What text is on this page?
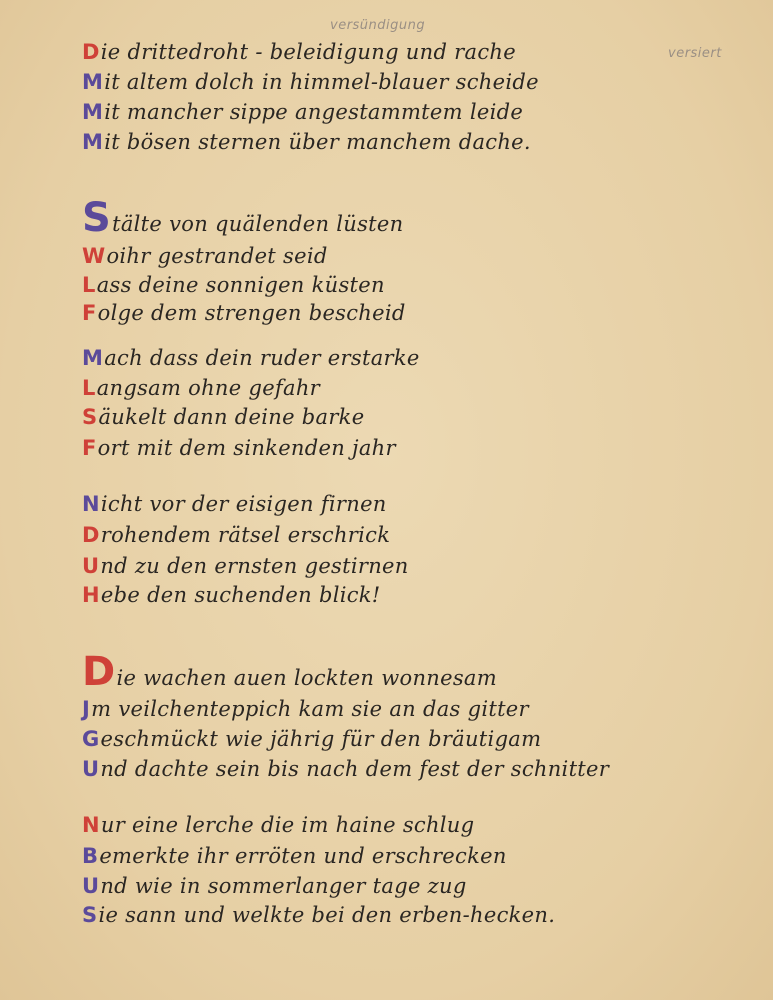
versündigung
versiert
Die drittedroht - beleidigung und rache
Mit altem dolch in himmel-blauer scheide
Mit mancher sippe angestammtem leide
Mit bösen sternen über manchem dache.
Stälte von quälenden lüsten
Woihr gestrandet seid
Lass deine sonnigen küsten
Folge dem strengen bescheid
Mach dass dein ruder erstarke
Langsam ohne gefahr
Säukelt dann deine barke
Fort mit dem sinkenden jahr
Nicht vor der eisigen firnen
Drohendem rätsel erschrick
Und zu den ernsten gestirnen
Hebe den suchenden blick!
Die wachen auen lockten wonnesam
Jm veilchenteppich kam sie an das gitter
Geschmückt wie jährig für den bräutigam
Und dachte sein bis nach dem fest der schnitter
Nur eine lerche die im haine schlug
Bemerkte ihr erröten und erschrecken
Und wie in sommerlanger tage zug
Sie sann und welkte bei den erben-hecken.
